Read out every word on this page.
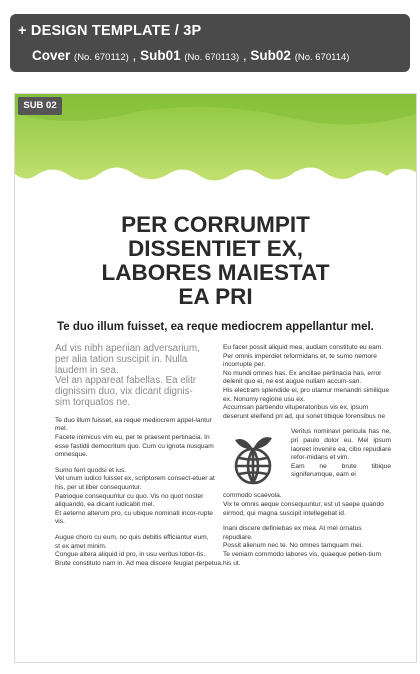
+ DESIGN TEMPLATE / 3P
Cover (No. 670112) , Sub01 (No. 670113) , Sub02 (No. 670114)
SUB 02
PER CORRUMPIT
DISSENTIET EX,
LABORES MAIESTAT
EA PRI
Te duo illum fuisset, ea reque mediocrem appellantur mel.
Ad vis nibh aperiian adversarium,
per alia tation suscipit in. Nulla
laudem in sea.
Vel an appareat fabellas. Ea elitr
dignissim duo, vix dicant dignis-
sim torquatos ne.

Te duo illum fuisset, ea reque mediocrem appel-lantur mel.
Facete inimicus vim eu, per te praesent pertinacia. In esse fastidii democritum quo. Cum cu ignota nusquam omnesque.

Sumo ferri quodsi et ius.
Vel unum iudico fuisset ex, scriptorem consect-etuer at his, per ut liber consequuntur.
Patrioque consequuntur cu quo. Vis no quot noster aliquando, ea dicant iudicabit mel.
Et aeterno alterum pro, cu ubique nominati incor-rupte vis.

Augue choro cu eum, no quis debitis efficiantur eum,
st ex amet minim.
Congue altera aliquid id pro, in usu veritus lobor-tis.
Brute constituto nam in. Ad mea discere feugiat perpetua.

Eu facer possit aliquid mea, audiam constituto eu eam.
Per omnis imperdiet reformidans et, te sumo nemore incorrupte per.
No mundi omnes has. Ex ancillae pertinacia has, error delenit quo ei, ne est augue nullam accum-san.
His electram splendide ei, pro utamur menandri similique ex. Nonumy regione usu ex.
Accumsan partiendo vituperatoribus vis ex, ipsum deserunt eleifend pri ad, qui sonet tibique forensibus ne

Veritus nominavi pericula has ne, pri paulo dolor eu. Mel ipsum laoreet invenire ea, cibo repudiare refor-midans et vim.
Eam ne brute tibique signiferumque, eam ei

commodo scaevola.
Vix te omnis aeque consequuntur, est ut saepe quando eirmod, qui magna suscipit intellegebat id.

Inani discere definiebas ex mea. At mel ornatus repudiare.
Possit alienum nec te. No omnes tamquam mei.
Te veniam commodo labores vis, quaeque petien-tium his ut.
